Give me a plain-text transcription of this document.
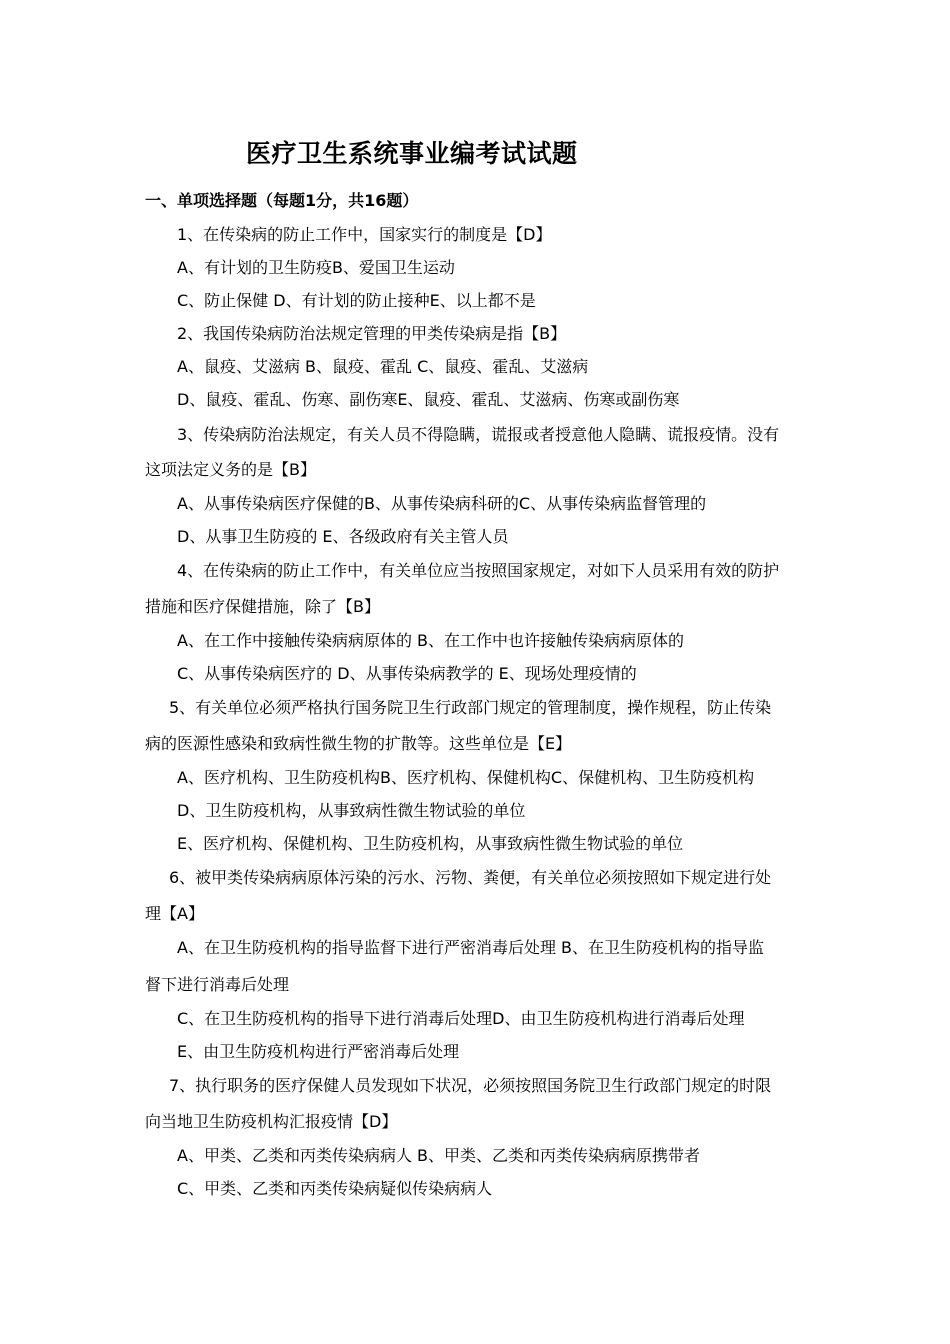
医疗卫生系统事业编考试试题
一、单项选择题（每题1分，共16题）
1、在传染病的防止工作中，国家实行的制度是【D】
A、有计划的卫生防疫B、爱国卫生运动
C、防止保健 D、有计划的防止接种E、以上都不是
2、我国传染病防治法规定管理的甲类传染病是指【B】
A、鼠疫、艾滋病 B、鼠疫、霍乱 C、鼠疫、霍乱、艾滋病
D、鼠疫、霍乱、伤寒、副伤寒E、鼠疫、霍乱、艾滋病、伤寒或副伤寒
3、传染病防治法规定，有关人员不得隐瞒，谎报或者授意他人隐瞒、谎报疫情。没有
这项法定义务的是【B】
A、从事传染病医疗保健的B、从事传染病科研的C、从事传染病监督管理的
D、从事卫生防疫的 E、各级政府有关主管人员
4、在传染病的防止工作中，有关单位应当按照国家规定，对如下人员采用有效的防护
措施和医疗保健措施，除了【B】
A、在工作中接触传染病病原体的 B、在工作中也许接触传染病病原体的
C、从事传染病医疗的 D、从事传染病教学的 E、现场处理疫情的
5、有关单位必须严格执行国务院卫生行政部门规定的管理制度，操作规程，防止传染
病的医源性感染和致病性微生物的扩散等。这些单位是【E】
A、医疗机构、卫生防疫机构B、医疗机构、保健机构C、保健机构、卫生防疫机构
D、卫生防疫机构，从事致病性微生物试验的单位
E、医疗机构、保健机构、卫生防疫机构，从事致病性微生物试验的单位
6、被甲类传染病病原体污染的污水、污物、粪便，有关单位必须按照如下规定进行处
理【A】
A、在卫生防疫机构的指导监督下进行严密消毒后处理 B、在卫生防疫机构的指导监
督下进行消毒后处理
C、在卫生防疫机构的指导下进行消毒后处理D、由卫生防疫机构进行消毒后处理
E、由卫生防疫机构进行严密消毒后处理
7、执行职务的医疗保健人员发现如下状况，必须按照国务院卫生行政部门规定的时限
向当地卫生防疫机构汇报疫情【D】
A、甲类、乙类和丙类传染病病人 B、甲类、乙类和丙类传染病病原携带者
C、甲类、乙类和丙类传染病疑似传染病病人
